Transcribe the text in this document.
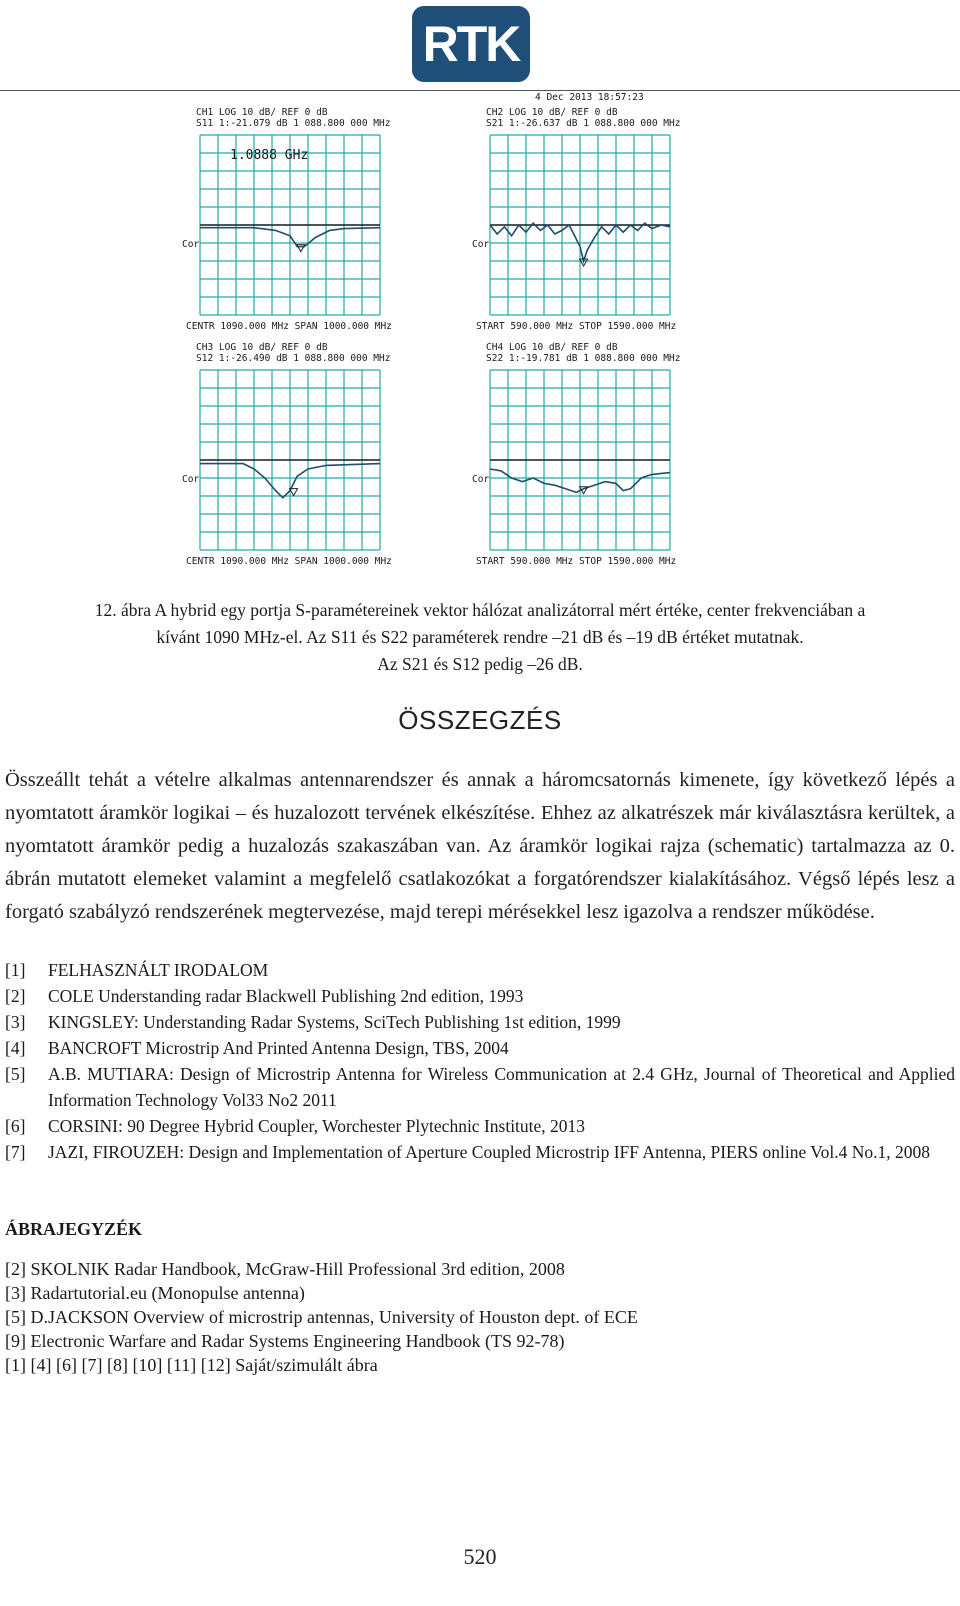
RTK
4 Dec 2013 18:57:23
CH1 LOG 10 dB/ REF 0 dB
S11 1:-21.079 dB 1 088.800 000 MHz
Cor
1.0888 GHz
CENTR 1090.000 MHz SPAN 1000.000 MHz
CH2 LOG 10 dB/ REF 0 dB
S21 1:-26.637 dB 1 088.800 000 MHz
Cor
START 590.000 MHz STOP 1590.000 MHz
CH3 LOG 10 dB/ REF 0 dB
S12 1:-26.490 dB 1 088.800 000 MHz
Cor
CENTR 1090.000 MHz SPAN 1000.000 MHz
CH4 LOG 10 dB/ REF 0 dB
S22 1:-19.781 dB 1 088.800 000 MHz
Cor
START 590.000 MHz STOP 1590.000 MHz

12. ábra A hybrid egy portja S-paramétereinek vektor hálózat analizátorral mért értéke, center frekvenciában a

kívánt 1090 MHz-el. Az S11 és S22 paraméterek rendre –21 dB és –19 dB értéket mutatnak.

Az S21 és S12 pedig –26 dB.

ÖSSZEGZÉS

Összeállt tehát a vételre alkalmas antennarendszer és annak a háromcsatornás kimenete, így következő lépés a nyomtatott áramkör logikai – és huzalozott tervének elkészítése. Ehhez az alkatrészek már kiválasztásra kerültek, a nyomtatott áramkör pedig a huzalozás szakaszában van. Az áramkör logikai rajza (schematic) tartalmazza az 0. ábrán mutatott elemeket valamint a megfelelő csatlakozókat a forgatórendszer kialakításához. Végső lépés lesz a forgató szabályzó rendszerének megtervezése, majd terepi mérésekkel lesz igazolva a rendszer működése.

[1]	FELHASZNÁLT IRODALOM
[2]	COLE Understanding radar Blackwell Publishing 2nd edition, 1993
[3]	KINGSLEY: Understanding Radar Systems, SciTech Publishing 1st edition, 1999
[4]	BANCROFT Microstrip And Printed Antenna Design, TBS, 2004
[5]	A.B. MUTIARA: Design of Microstrip Antenna for Wireless Communication at 2.4 GHz, Journal of Theoretical and Applied Information Technology Vol33 No2 2011
[6]	CORSINI: 90 Degree Hybrid Coupler, Worchester Plytechnic Institute, 2013
[7]	JAZI, FIROUZEH: Design and Implementation of Aperture Coupled Microstrip IFF Antenna, PIERS online Vol.4 No.1, 2008
ÁBRAJEGYZÉK
[2] SKOLNIK Radar Handbook, McGraw-Hill Professional 3rd edition, 2008
[3] Radartutorial.eu (Monopulse antenna)
[5] D.JACKSON Overview of microstrip antennas, University of Houston dept. of ECE
[9] Electronic Warfare and Radar Systems Engineering Handbook (TS 92-78)
[1] [4] [6] [7] [8] [10] [11] [12] Saját/szimulált ábra
520
